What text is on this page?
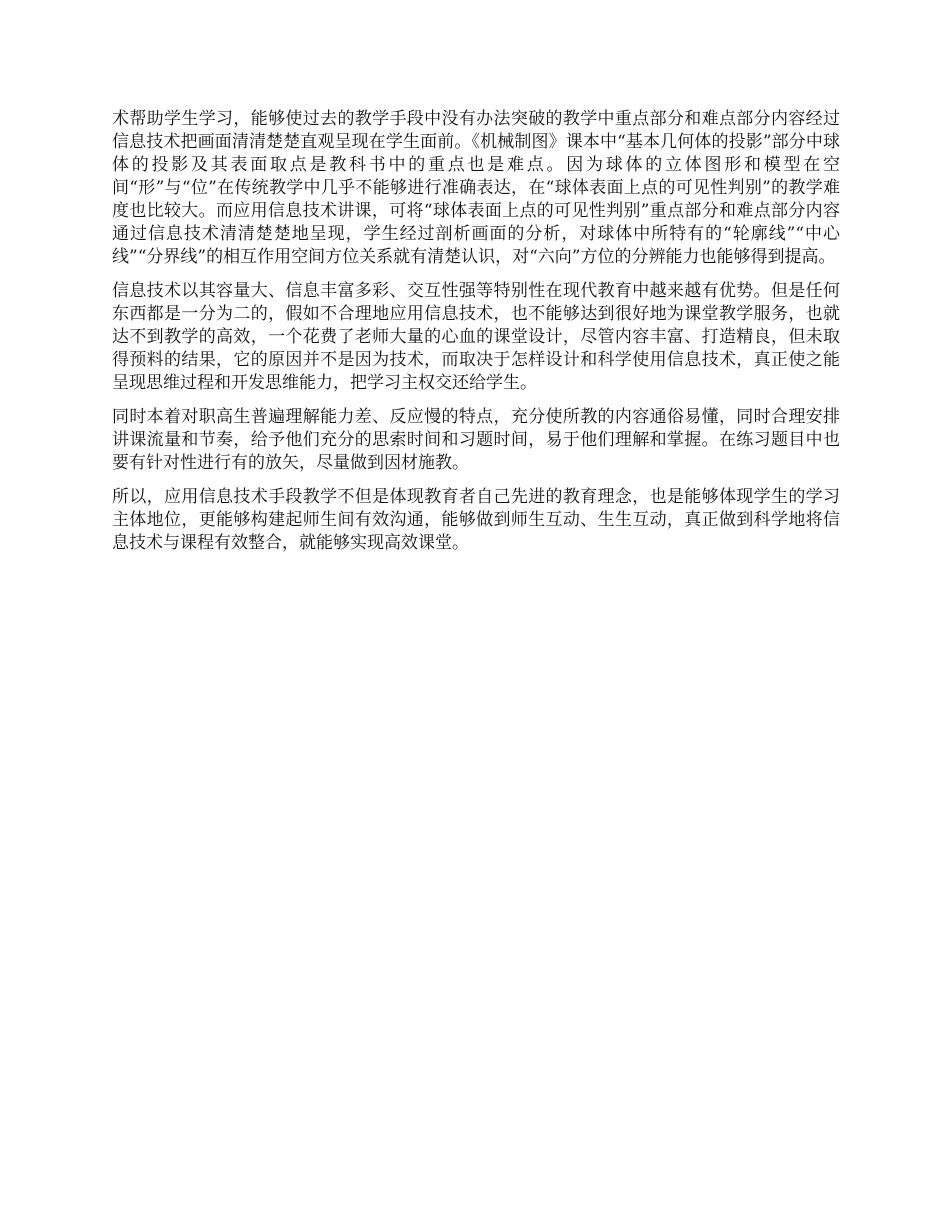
术帮助学生学习，能够使过去的教学手段中没有办法突破的教学中重点部分和难点部分内容经过信息技术把画面清清楚楚直观呈现在学生面前。《机械制图》课本中“基本几何体的投影”部分中球体的投影及其表面取点是教科书中的重点也是难点。因为球体的立体图形和模型在空间“形”与“位”在传统教学中几乎不能够进行准确表达，在“球体表面上点的可见性判别”的教学难度也比较大。而应用信息技术讲课，可将“球体表面上点的可见性判别”重点部分和难点部分内容通过信息技术清清楚楚地呈现，学生经过剖析画面的分析，对球体中所特有的“轮廓线”“中心线”“分界线”的相互作用空间方位关系就有清楚认识，对“六向”方位的分辨能力也能够得到提高。

信息技术以其容量大、信息丰富多彩、交互性强等特别性在现代教育中越来越有优势。但是任何东西都是一分为二的，假如不合理地应用信息技术，也不能够达到很好地为课堂教学服务，也就达不到教学的高效，一个花费了老师大量的心血的课堂设计，尽管内容丰富、打造精良，但未取得预料的结果，它的原因并不是因为技术，而取决于怎样设计和科学使用信息技术，真正使之能呈现思维过程和开发思维能力，把学习主权交还给学生。

同时本着对职高生普遍理解能力差、反应慢的特点，充分使所教的内容通俗易懂，同时合理安排讲课流量和节奏，给予他们充分的思索时间和习题时间，易于他们理解和掌握。在练习题目中也要有针对性进行有的放矢，尽量做到因材施教。

所以，应用信息技术手段教学不但是体现教育者自己先进的教育理念，也是能够体现学生的学习主体地位，更能够构建起师生间有效沟通，能够做到师生互动、生生互动，真正做到科学地将信息技术与课程有效整合，就能够实现高效课堂。
